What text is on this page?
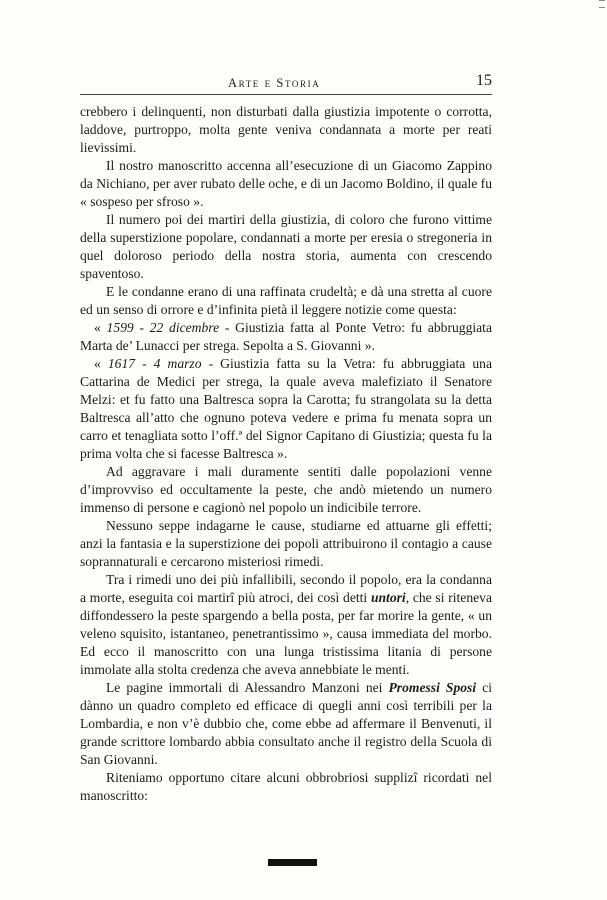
Arte e Storia	15

crebbero i delinquenti, non disturbati dalla giustizia impotente o corrotta, laddove, purtroppo, molta gente veniva condannata a morte per reati lievissimi.

Il nostro manoscritto accenna all’esecuzione di un Giacomo Zappino da Nichiano, per aver rubato delle oche, e di un Jacomo Boldino, il quale fu « sospeso per sfroso ».

Il numero poi dei martiri della giustizia, di coloro che furono vittime della superstizione popolare, condannati a morte per eresia o stregoneria in quel doloroso periodo della nostra storia, aumenta con crescendo spaventoso.

E le condanne erano di una raffinata crudeltà; e dà una stretta al cuore ed un senso di orrore e d’infinita pietà il leggere notizie come questa:

« 1599 - 22 dicembre - Giustizia fatta al Ponte Vetro: fu abbruggiata Marta de’ Lunacci per strega. Sepolta a S. Giovanni ».

« 1617 - 4 marzo - Giustizia fatta su la Vetra: fu abbruggiata una Cattarina de Medici per strega, la quale aveva malefiziato il Senatore Melzi: et fu fatto una Baltresca sopra la Carotta; fu strangolata su la detta Baltresca all’atto che ognuno poteva vedere e prima fu menata sopra un carro et tenagliata sotto l’off.ª del Signor Capitano di Giustizia; questa fu la prima volta che si facesse Baltresca ».

Ad aggravare i mali duramente sentiti dalle popolazioni venne d’improvviso ed occultamente la peste, che andò mietendo un numero immenso di persone e cagionò nel popolo un indicibile terrore.

Nessuno seppe indagarne le cause, studiarne ed attuarne gli effetti; anzi la fantasia e la superstizione dei popoli attribuirono il contagio a cause soprannaturali e cercarono misteriosi rimedi.

Tra i rimedi uno dei più infallibili, secondo il popolo, era la condanna a morte, eseguita coi martirî più atroci, dei così detti untori, che si riteneva diffondessero la peste spargendo a bella posta, per far morire la gente, « un veleno squisito, istantaneo, penetrantissimo », causa immediata del morbo. Ed ecco il manoscritto con una lunga tristissima litania di persone immolate alla stolta credenza che aveva annebbiate le menti.

Le pagine immortali di Alessandro Manzoni nei Promessi Sposi ci dànno un quadro completo ed efficace di quegli anni così terribili per la Lombardia, e non v’è dubbio che, come ebbe ad affermare il Benvenuti, il grande scrittore lombardo abbia consultato anche il registro della Scuola di San Giovanni.

Riteniamo opportuno citare alcuni obbrobriosi supplizî ricordati nel manoscritto:
